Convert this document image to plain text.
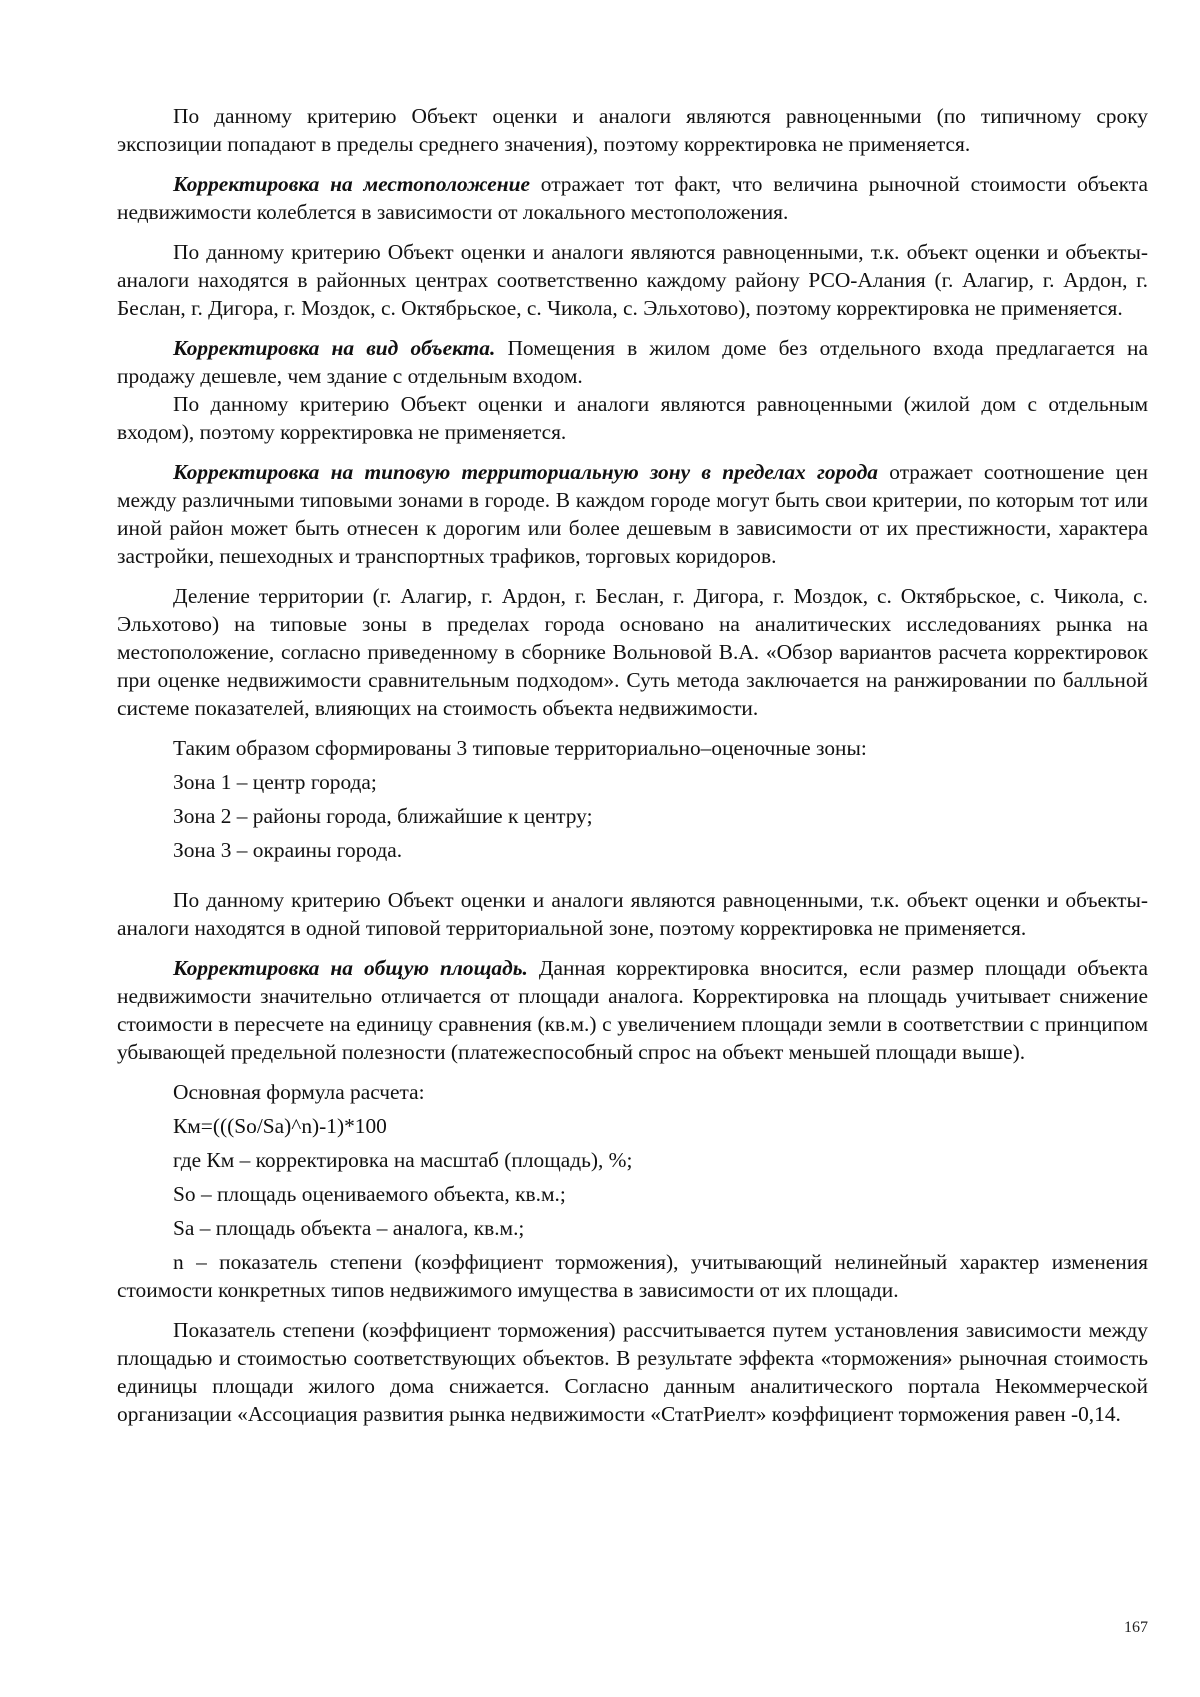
По данному критерию Объект оценки и аналоги являются равноценными (по типичному сроку экспозиции попадают в пределы среднего значения), поэтому корректировка не применяется.

Корректировка на местоположение отражает тот факт, что величина рыночной стоимости объекта недвижимости колеблется в зависимости от локального местоположения.

По данному критерию Объект оценки и аналоги являются равноценными, т.к. объект оценки и объекты-аналоги находятся в районных центрах соответственно каждому району РСО-Алания (г. Алагир, г. Ардон, г. Беслан, г. Дигора, г. Моздок, с. Октябрьское, с. Чикола, с. Эльхотово), поэтому корректировка не применяется.

Корректировка на вид объекта. Помещения в жилом доме без отдельного входа предлагается на продажу дешевле, чем здание с отдельным входом.

По данному критерию Объект оценки и аналоги являются равноценными (жилой дом с отдельным входом), поэтому корректировка не применяется.

Корректировка на типовую территориальную зону в пределах города отражает соотношение цен между различными типовыми зонами в городе. В каждом городе могут быть свои критерии, по которым тот или иной район может быть отнесен к дорогим или более дешевым в зависимости от их престижности, характера застройки, пешеходных и транспортных трафиков, торговых коридоров.

Деление территории (г. Алагир, г. Ардон, г. Беслан, г. Дигора, г. Моздок, с. Октябрьское, с. Чикола, с. Эльхотово) на типовые зоны в пределах города основано на аналитических исследованиях рынка на местоположение, согласно приведенному в сборнике Вольновой В.А. «Обзор вариантов расчета корректировок при оценке недвижимости сравнительным подходом». Суть метода заключается на ранжировании по балльной системе показателей, влияющих на стоимость объекта недвижимости.

Таким образом сформированы 3 типовые территориально–оценочные зоны:

Зона 1 – центр города;

Зона 2 – районы города, ближайшие к центру;

Зона 3 – окраины города.

По данному критерию Объект оценки и аналоги являются равноценными, т.к. объект оценки и объекты-аналоги находятся в одной типовой территориальной зоне, поэтому корректировка не применяется.

Корректировка на общую площадь. Данная корректировка вносится, если размер площади объекта недвижимости значительно отличается от площади аналога. Корректировка на площадь учитывает снижение стоимости в пересчете на единицу сравнения (кв.м.) с увеличением площади земли в соответствии с принципом убывающей предельной полезности (платежеспособный спрос на объект меньшей площади выше).

Основная формула расчета:

Км=(((So/Sa)^n)-1)*100

где Км – корректировка на масштаб (площадь), %;

So – площадь оцениваемого объекта, кв.м.;

Sa – площадь объекта – аналога, кв.м.;

n – показатель степени (коэффициент торможения), учитывающий нелинейный характер изменения стоимости конкретных типов недвижимого имущества в зависимости от их площади.

Показатель степени (коэффициент торможения) рассчитывается путем установления зависимости между площадью и стоимостью соответствующих объектов. В результате эффекта «торможения» рыночная стоимость единицы площади жилого дома снижается. Согласно данным аналитического портала Некоммерческой организации «Ассоциация развития рынка недвижимости «СтатРиелт» коэффициент торможения равен -0,14.

167
